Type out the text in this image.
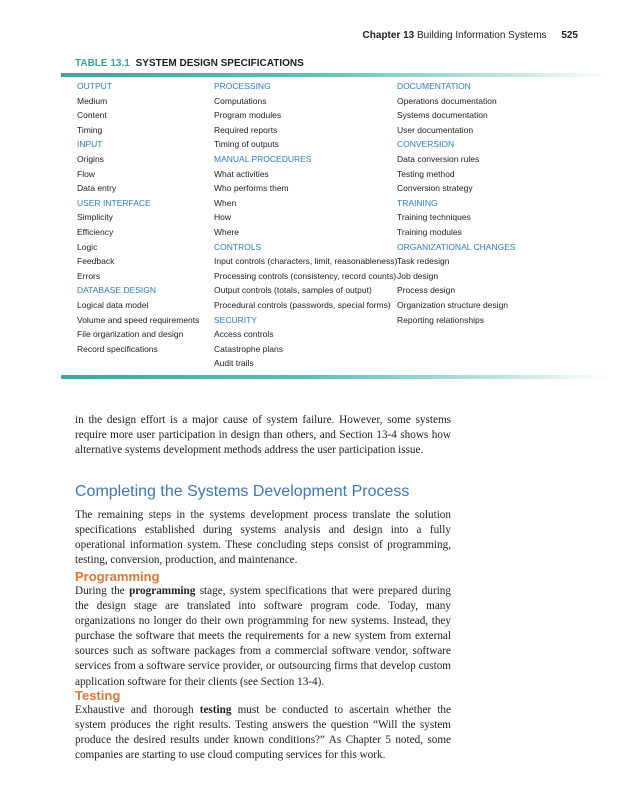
Chapter 13 Building Information Systems 525
TABLE 13.1 SYSTEM DESIGN SPECIFICATIONS
OUTPUT
Medium
Content
Timing
INPUT
Origins
Flow
Data entry
USER INTERFACE
Simplicity
Efficiency
Logic
Feedback
Errors
DATABASE DESIGN
Logical data model
Volume and speed requirements
File organization and design
Record specifications
PROCESSING
Computations
Program modules
Required reports
Timing of outputs
MANUAL PROCEDURES
What activities
Who performs them
When
How
Where
CONTROLS
Input controls (characters, limit, reasonableness)
Processing controls (consistency, record counts)
Output controls (totals, samples of output)
Procedural controls (passwords, special forms)
SECURITY
Access controls
Catastrophe plans
Audit trails
DOCUMENTATION
Operations documentation
Systems documentation
User documentation
CONVERSION
Data conversion rules
Testing method
Conversion strategy
TRAINING
Training techniques
Training modules
ORGANIZATIONAL CHANGES
Task redesign
Job design
Process design
Organization structure design
Reporting relationships
in the design effort is a major cause of system failure. However, some systems require more user participation in design than others, and Section 13-4 shows how alternative systems development methods address the user participation issue.
Completing the Systems Development Process
The remaining steps in the systems development process translate the solution specifications established during systems analysis and design into a fully operational information system. These concluding steps consist of programming, testing, conversion, production, and maintenance.
Programming
During the programming stage, system specifications that were prepared during the design stage are translated into software program code. Today, many organizations no longer do their own programming for new systems. Instead, they purchase the software that meets the requirements for a new system from external sources such as software packages from a commercial software vendor, software services from a software service provider, or outsourcing firms that develop custom application software for their clients (see Section 13-4).
Testing
Exhaustive and thorough testing must be conducted to ascertain whether the system produces the right results. Testing answers the question “Will the system produce the desired results under known conditions?” As Chapter 5 noted, some companies are starting to use cloud computing services for this work.
